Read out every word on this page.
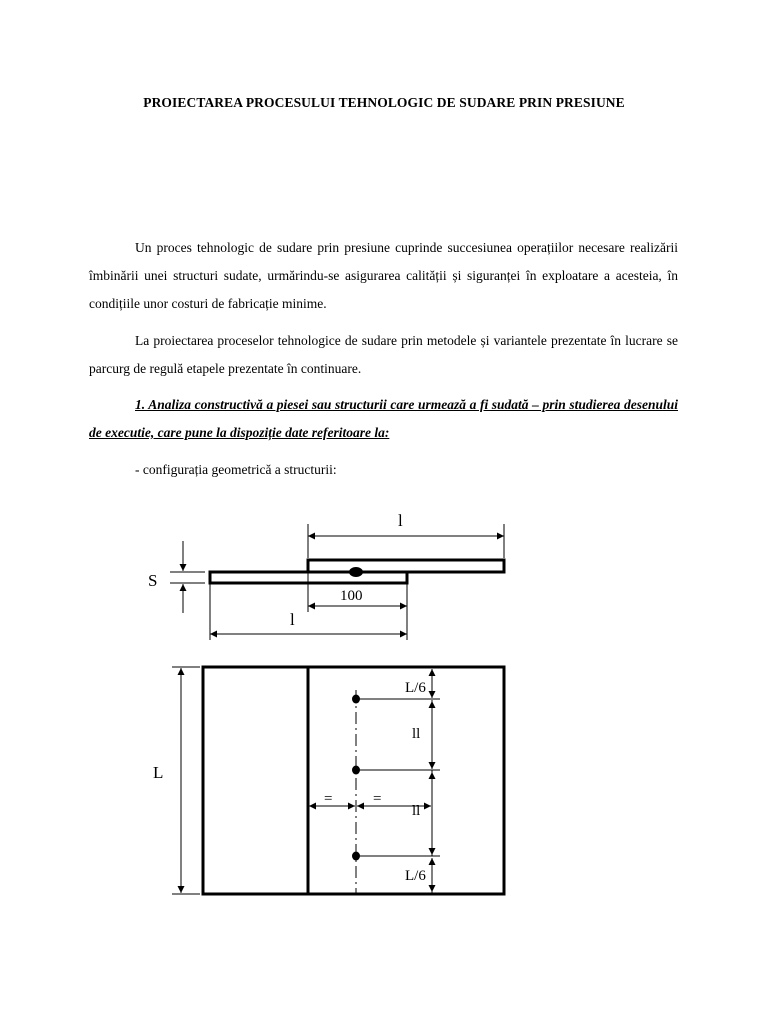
PROIECTAREA PROCESULUI TEHNOLOGIC DE SUDARE PRIN PRESIUNE

Un proces tehnologic de sudare prin presiune cuprinde succesiunea operațiilor necesare realizării îmbinării unei structuri sudate, urmărindu-se asigurarea calității și siguranței în exploatare a acesteia, în condițiile unor costuri de fabricație minime.

La proiectarea proceselor tehnologice de sudare prin metodele și variantele prezentate în lucrare se parcurg de regulă etapele prezentate în continuare.

1. Analiza constructivă a piesei sau structurii care urmează a fi sudată – prin studierea desenului de executie, care pune la dispoziție date referitoare la:

- configurația geometrică a structurii:

l
S
100
l
L
L/6
ll
ll
L/6
=	=
